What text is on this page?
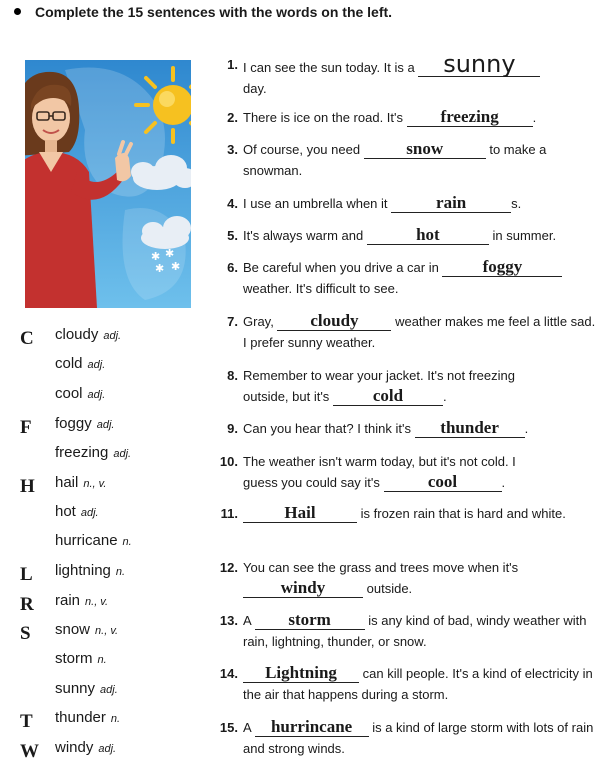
Complete the 15 sentences with the words on the left.
✱ ✱
✱ ✱
C	cloudy adj.
cold adj.
cool adj.
F	foggy adj.
freezing adj.
H	hail n., v.
hot adj.
hurricane n.
L	lightning n.
R	rain n., v.
S	snow n., v.
storm n.
sunny adj.
T	thunder n.
W	windy adj.
1. I can see the sun today. It is a sunny
day.
2. There is ice on the road. It's freezing	.
3. Of course, you need	snow	to make a snowman.
4. I use an umbrella when it	rain	s.
5. It's always warm and	hot	in summer.
6. Be careful when you drive a car in	foggy
weather. It's difficult to see.
7. Gray, cloudy	weather makes me feel a little sad. I prefer sunny weather.
8. Remember to wear your jacket. It's not freezing outside, but it's	cold	.
9. Can you hear that? I think it's thunder .
10. The weather isn't warm today, but it's not cold. I guess you could say it's	cool	.
11.	Hail	is frozen rain that is hard and white.
12. You can see the grass and trees move when it's windy	outside.
13. A storm	is any kind of bad, windy weather with rain, lightning, thunder, or snow.
14.	Lightning can kill people. It's a kind of electricity in the air that happens during a storm.
15. A hurrincane is a kind of large storm with lots of rain and strong winds.
